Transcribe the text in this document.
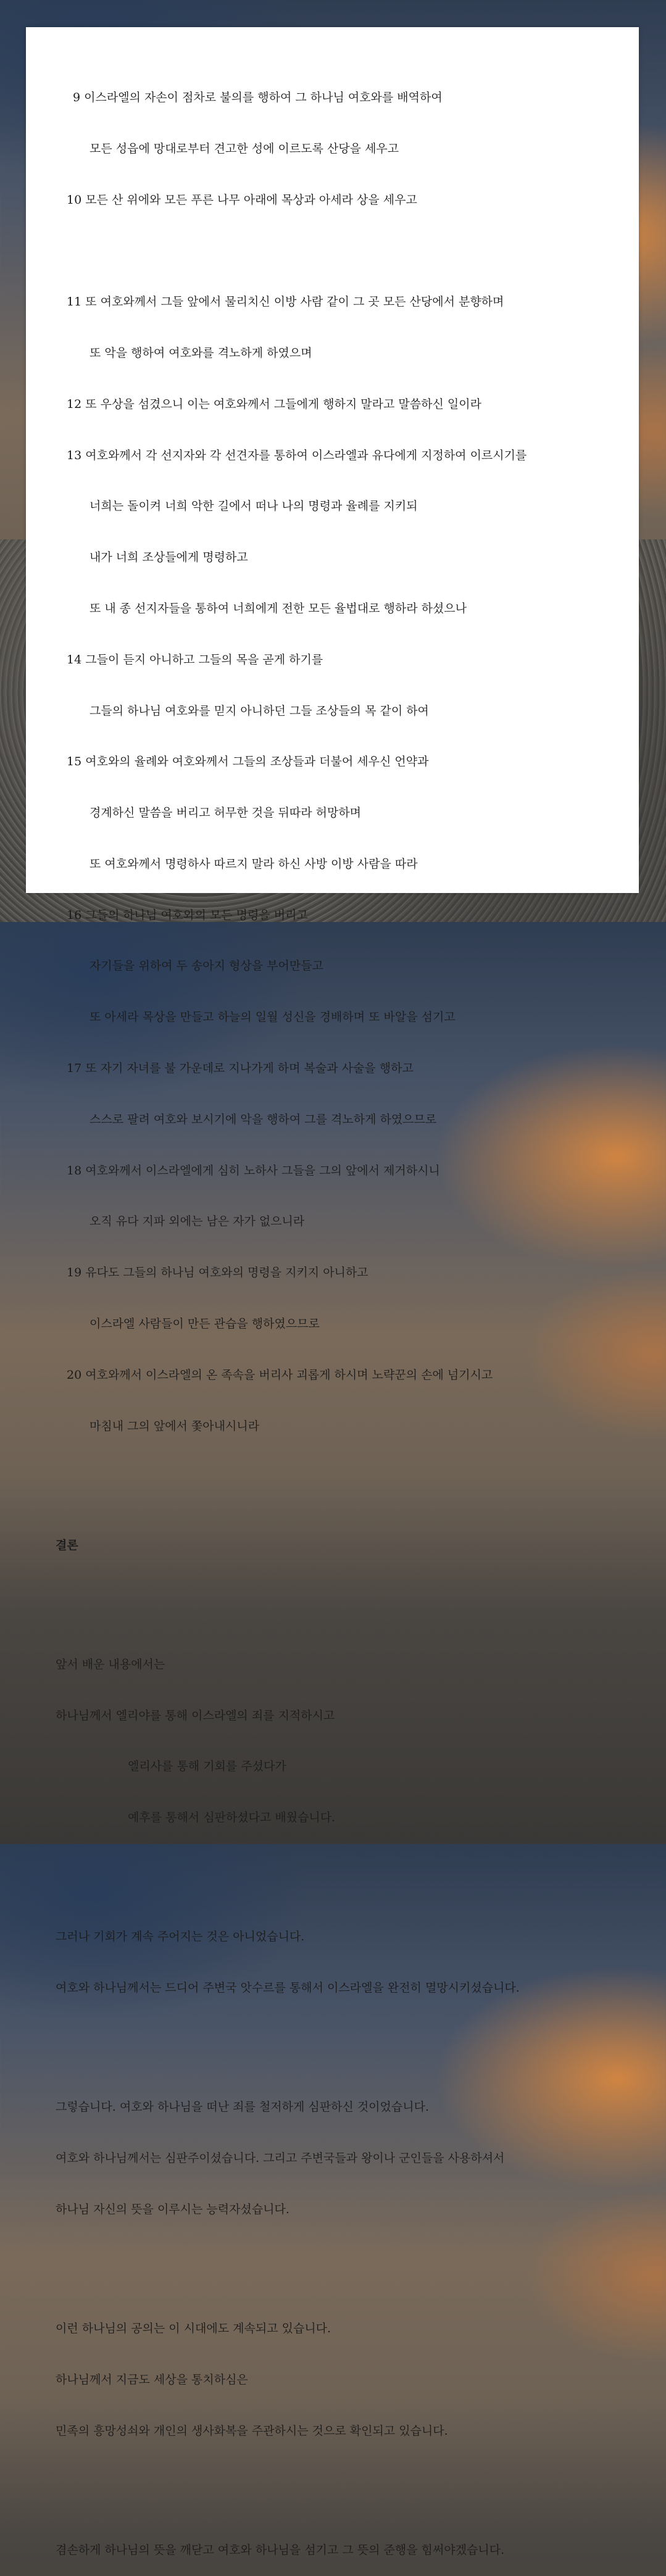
9 이스라엘의 자손이 점차로 불의를 행하여 그 하나님 여호와를 배역하여

모든 성읍에 망대로부터 견고한 성에 이르도록 산당을 세우고

10 모든 산 위에와 모든 푸른 나무 아래에 목상과 아세라 상을 세우고

11 또 여호와께서 그들 앞에서 물리치신 이방 사람 같이 그 곳 모든 산당에서 분향하며

또 악을 행하여 여호와를 격노하게 하였으며

12 또 우상을 섬겼으니 이는 여호와께서 그들에게 행하지 말라고 말씀하신 일이라

13 여호와께서 각 선지자와 각 선견자를 통하여 이스라엘과 유다에게 지정하여 이르시기를

너희는 돌이켜 너희 악한 길에서 떠나 나의 명령과 율례를 지키되

내가 너희 조상들에게 명령하고

또 내 종 선지자들을 통하여 너희에게 전한 모든 율법대로 행하라 하셨으나

14 그들이 듣지 아니하고 그들의 목을 곧게 하기를

그들의 하나님 여호와를 믿지 아니하던 그들 조상들의 목 같이 하여

15 여호와의 율례와 여호와께서 그들의 조상들과 더불어 세우신 언약과

경계하신 말씀을 버리고 허무한 것을 뒤따라 허망하며

또 여호와께서 명령하사 따르지 말라 하신 사방 이방 사람을 따라

16 그들의 하나님 여호와의 모든 명령을 버리고

자기들을 위하여 두 송아지 형상을 부어만들고

또 아세라 목상을 만들고 하늘의 일월 성신을 경배하며 또 바알을 섬기고

17 또 자기 자녀를 불 가운데로 지나가게 하며 복술과 사술을 행하고

스스로 팔려 여호와 보시기에 악을 행하여 그를 격노하게 하였으므로

18 여호와께서 이스라엘에게 심히 노하사 그들을 그의 앞에서 제거하시니

오직 유다 지파 외에는 남은 자가 없으니라

19 유다도 그들의 하나님 여호와의 명령을 지키지 아니하고

이스라엘 사람들이 만든 관습을 행하였으므로

20 여호와께서 이스라엘의 온 족속을 버리사 괴롭게 하시며 노략꾼의 손에 넘기시고

마침내 그의 앞에서 쫓아내시니라

결론

앞서 배운 내용에서는

하나님께서 엘리야를 통해 이스라엘의 죄를 지적하시고

엘리사를 통해 기회를 주셨다가

예후를 통해서 심판하셨다고 배웠습니다.

그러나 기회가 계속 주어지는 것은 아니었습니다.

여호와 하나님께서는 드디어 주변국 앗수르를 통해서 이스라엘을 완전히 멸망시키셨습니다.

그렇습니다. 여호와 하나님을 떠난 죄를 철저하게 심판하신 것이었습니다.

여호와 하나님께서는 심판주이셨습니다. 그리고 주변국들과 왕이나 군인들을 사용하셔서

하나님 자신의 뜻을 이루시는 능력자셨습니다.

이런 하나님의 공의는 이 시대에도 계속되고 있습니다.

하나님께서 지금도 세상을 통치하심은

민족의 흥망성쇠와 개인의 생사화복을 주관하시는 것으로 확인되고 있습니다.

겸손하게 하나님의 뜻을 깨닫고 여호와 하나님을 섬기고 그 뜻의 준행을 힘써야겠습니다.
